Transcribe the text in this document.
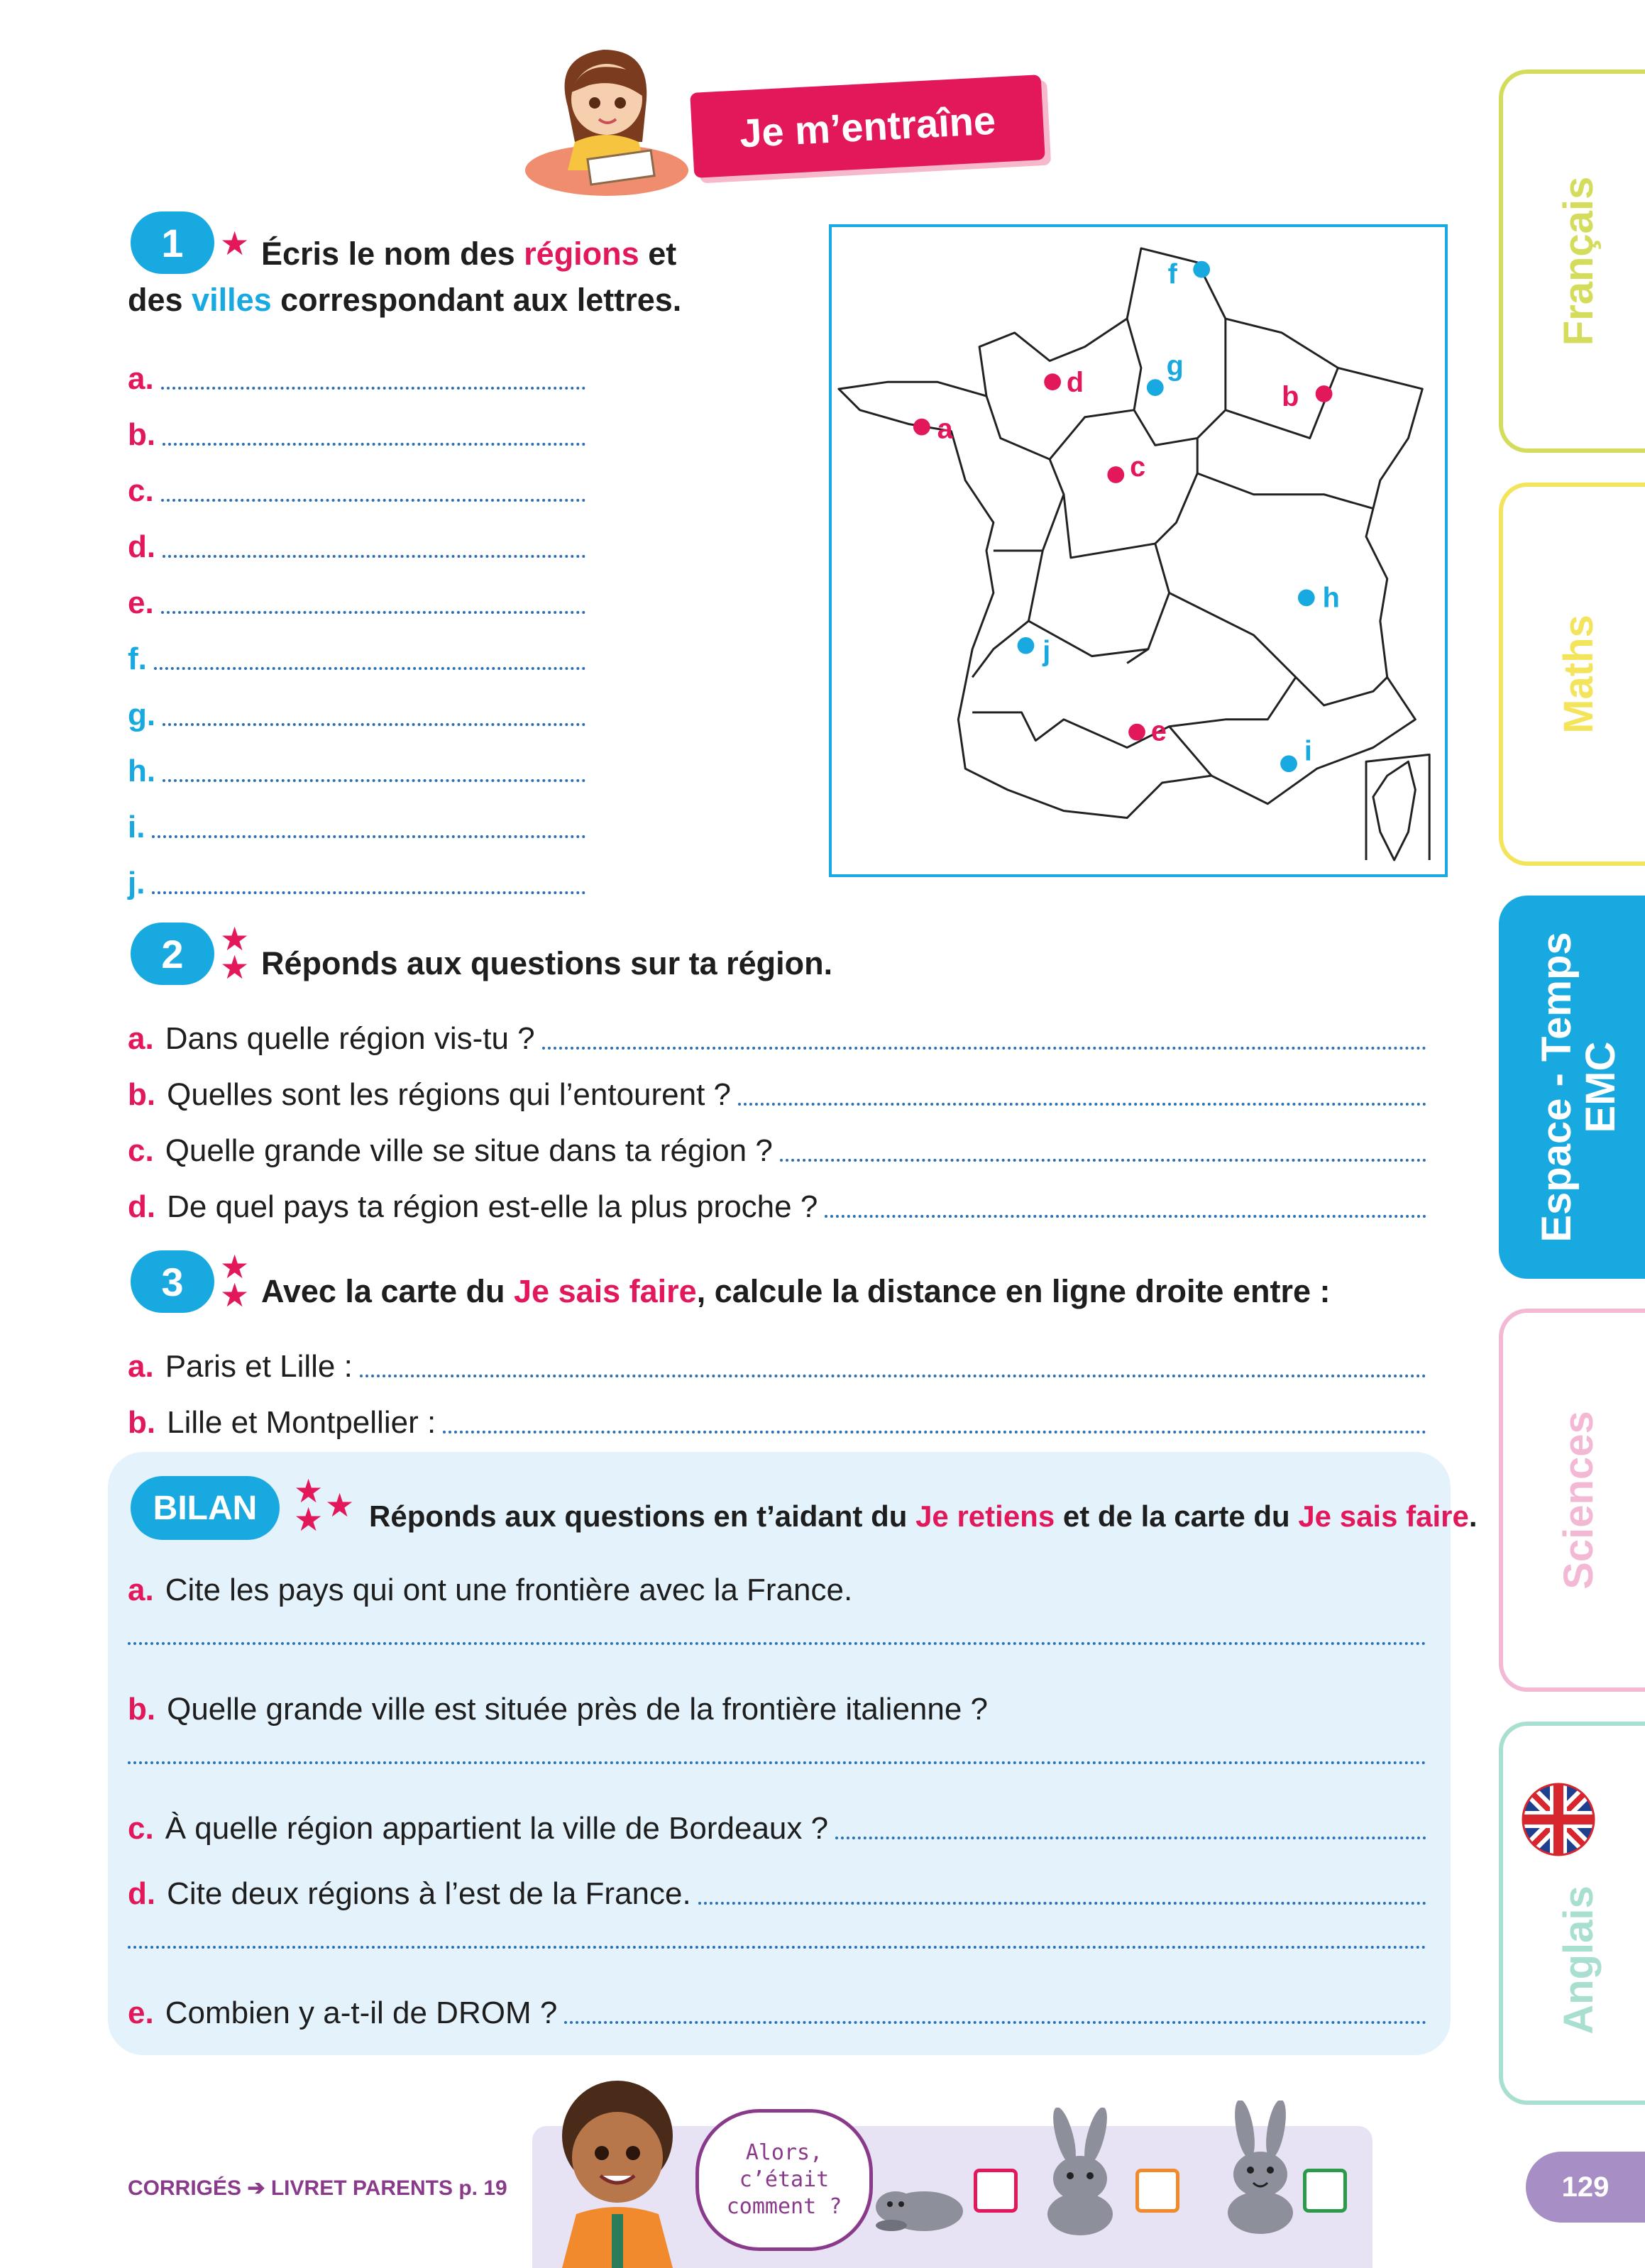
Je m’entraîne
1	★ Écris le nom des régions et
des villes correspondant aux lettres.
a.
b.
c.
d.
e.
f.
g.
h.
i.
j.
a
b
c
d
e
f
g
h
i
j
2	★
★ Réponds aux questions sur ta région.
a. Dans quelle région vis-tu ?
b. Quelles sont les régions qui l’entourent ?
c. Quelle grande ville se situe dans ta région ?
d. De quel pays ta région est-elle la plus proche ?
3	★
★ Avec la carte du Je sais faire, calcule la distance en ligne droite entre :
a. Paris et Lille :
b. Lille et Montpellier :
BILAN	★
★ ★ Réponds aux questions en t’aidant du Je retiens et de la carte du Je sais faire.
a. Cite les pays qui ont une frontière avec la France.
b. Quelle grande ville est située près de la frontière italienne ?
c. À quelle région appartient la ville de Bordeaux ?
d. Cite deux régions à l’est de la France.
e. Combien y a-t-il de DROM ?
Français
Maths
Espace - Temps
EMC
Sciences
Anglais
CORRIGÉS ➔ LIVRET PARENTS p. 19
Alors,
c’était
comment ?
129
